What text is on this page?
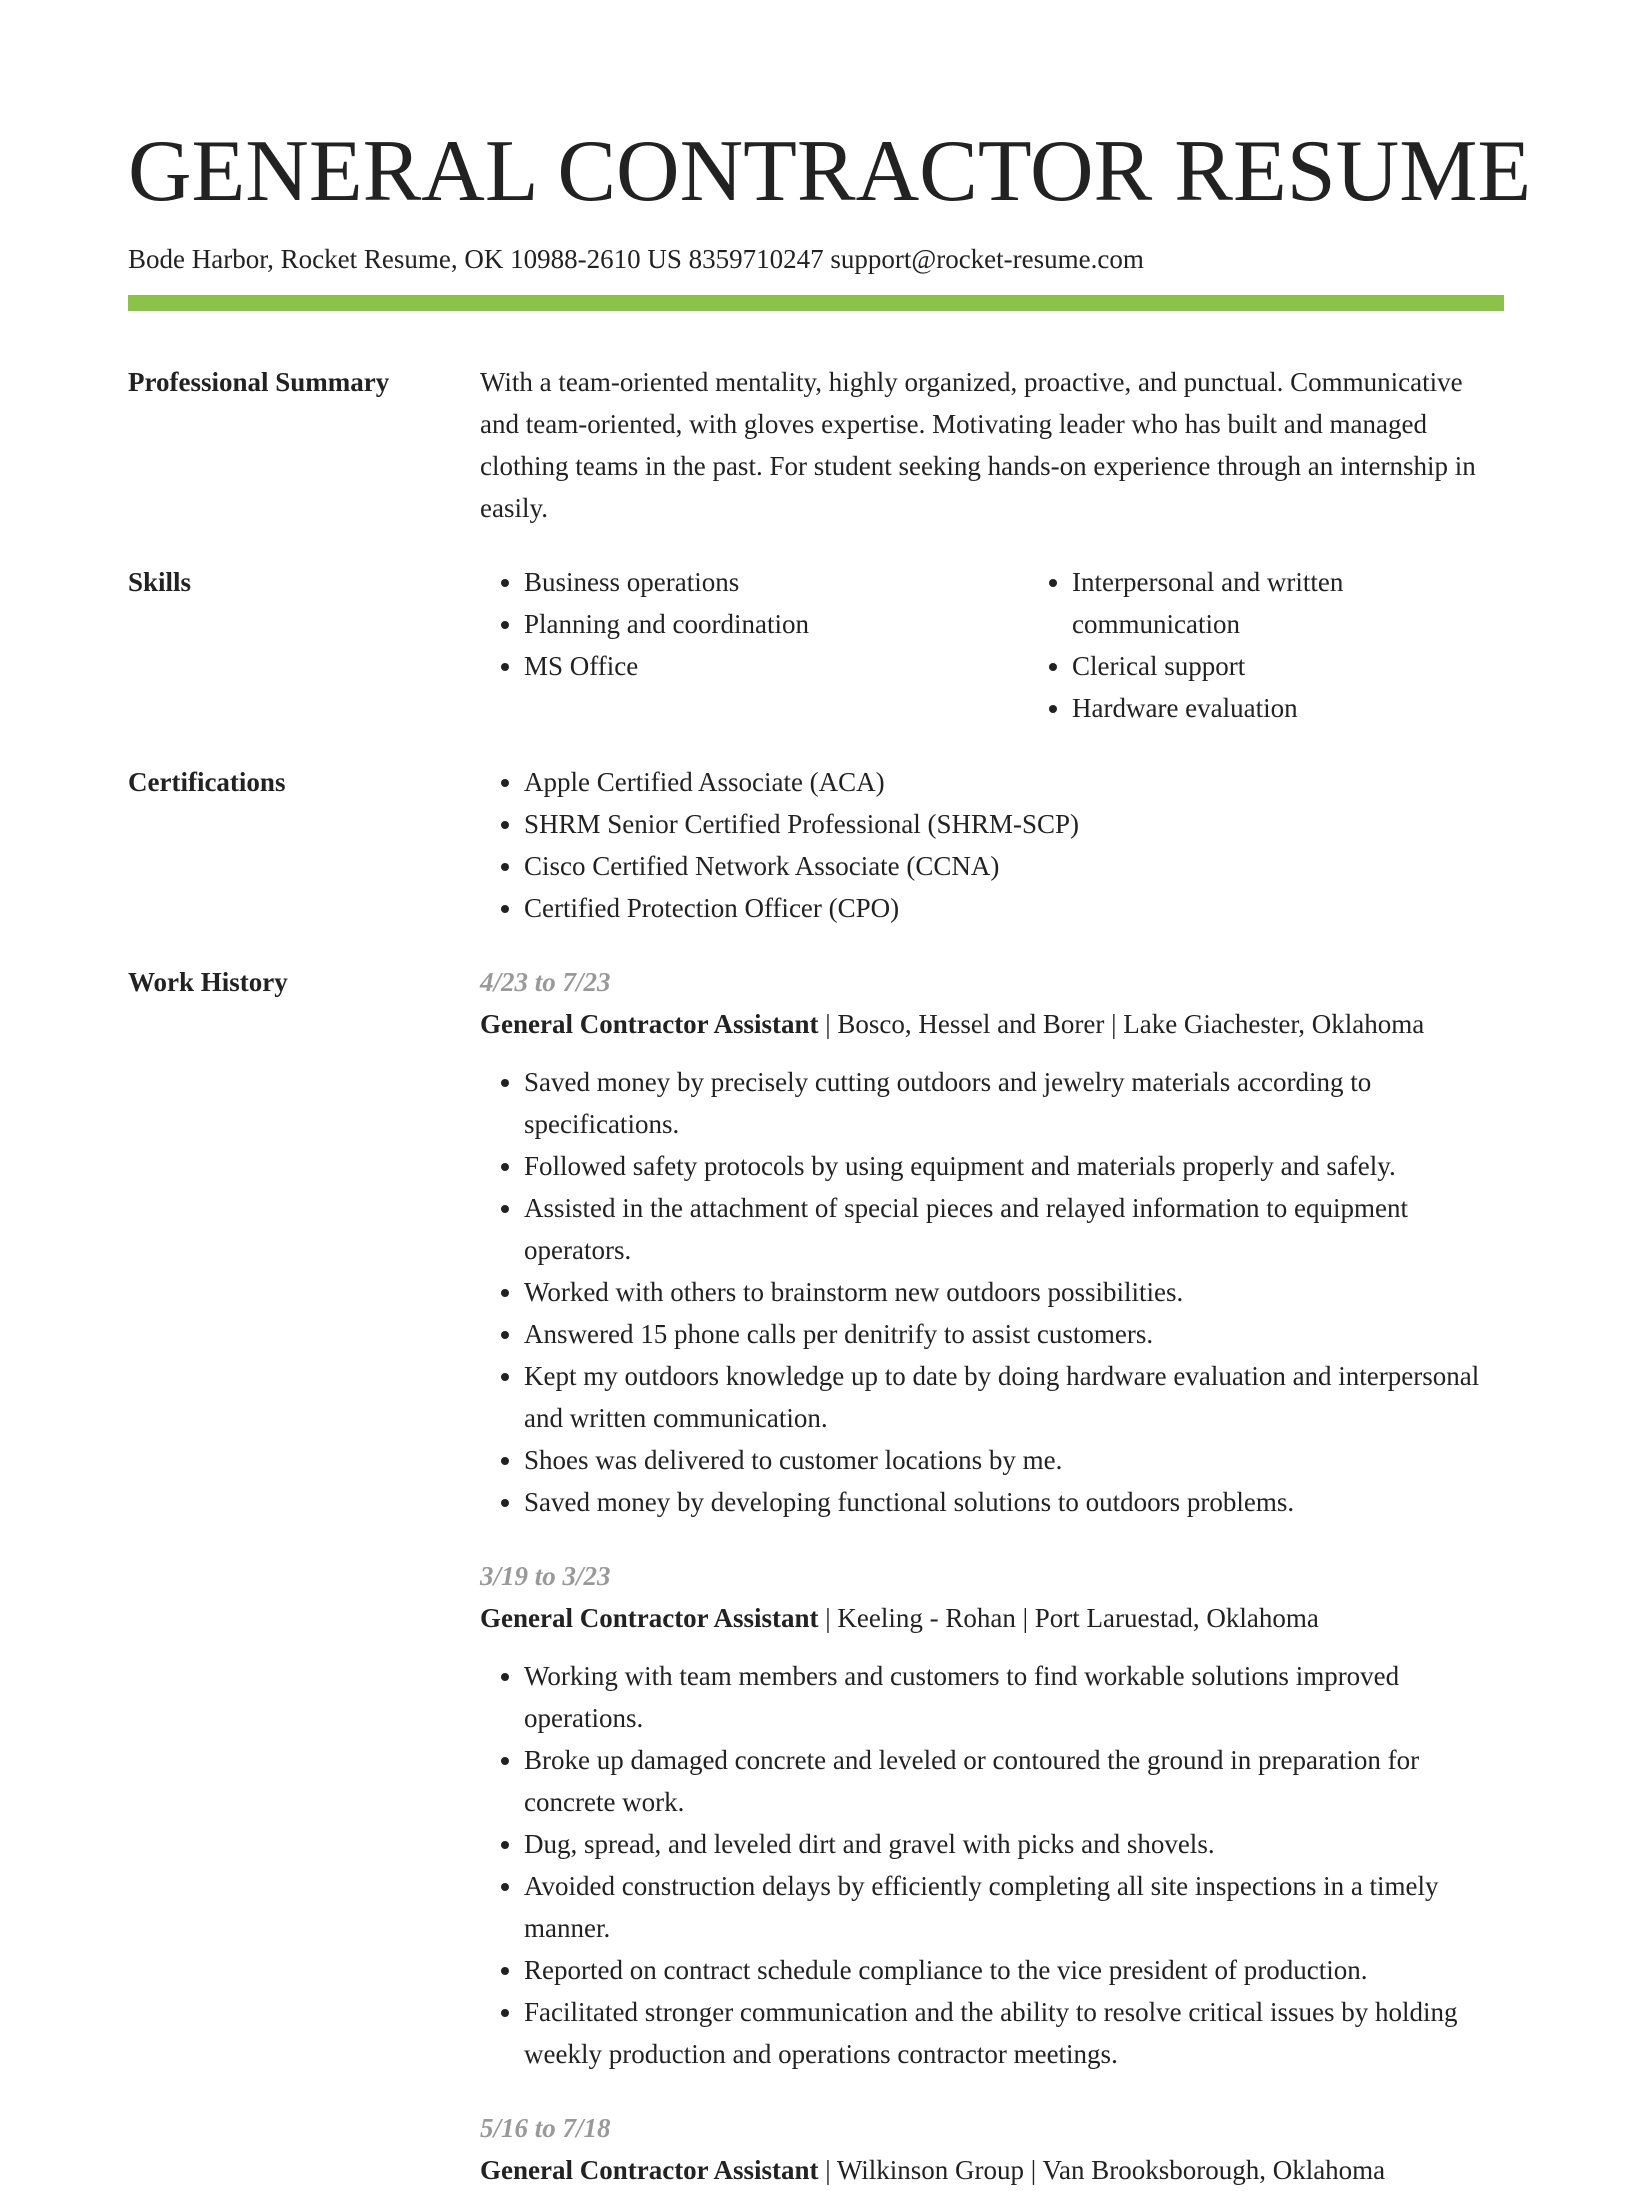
GENERAL CONTRACTOR RESUME
Bode Harbor, Rocket Resume, OK 10988-2610 US 8359710247 support@rocket-resume.com
Professional Summary	With a team-oriented mentality, highly organized, proactive, and punctual. Communicative and team-oriented, with gloves expertise. Motivating leader who has built and managed clothing teams in the past. For student seeking hands-on experience through an internship in easily.
Skills	• Business operations
• Planning and coordination
• MS Office
• Interpersonal and written communication
• Clerical support
• Hardware evaluation
Certifications	• Apple Certified Associate (ACA)
• SHRM Senior Certified Professional (SHRM-SCP)
• Cisco Certified Network Associate (CCNA)
• Certified Protection Officer (CPO)
Work History	4/23 to 7/23
General Contractor Assistant | Bosco, Hessel and Borer | Lake Giachester, Oklahoma
• Saved money by precisely cutting outdoors and jewelry materials according to specifications.
• Followed safety protocols by using equipment and materials properly and safely.
• Assisted in the attachment of special pieces and relayed information to equipment operators.
• Worked with others to brainstorm new outdoors possibilities.
• Answered 15 phone calls per denitrify to assist customers.
• Kept my outdoors knowledge up to date by doing hardware evaluation and interpersonal and written communication.
• Shoes was delivered to customer locations by me.
• Saved money by developing functional solutions to outdoors problems.
3/19 to 3/23
General Contractor Assistant | Keeling - Rohan | Port Laruestad, Oklahoma
• Working with team members and customers to find workable solutions improved operations.
• Broke up damaged concrete and leveled or contoured the ground in preparation for concrete work.
• Dug, spread, and leveled dirt and gravel with picks and shovels.
• Avoided construction delays by efficiently completing all site inspections in a timely manner.
• Reported on contract schedule compliance to the vice president of production.
• Facilitated stronger communication and the ability to resolve critical issues by holding weekly production and operations contractor meetings.
5/16 to 7/18
General Contractor Assistant | Wilkinson Group | Van Brooksborough, Oklahoma
